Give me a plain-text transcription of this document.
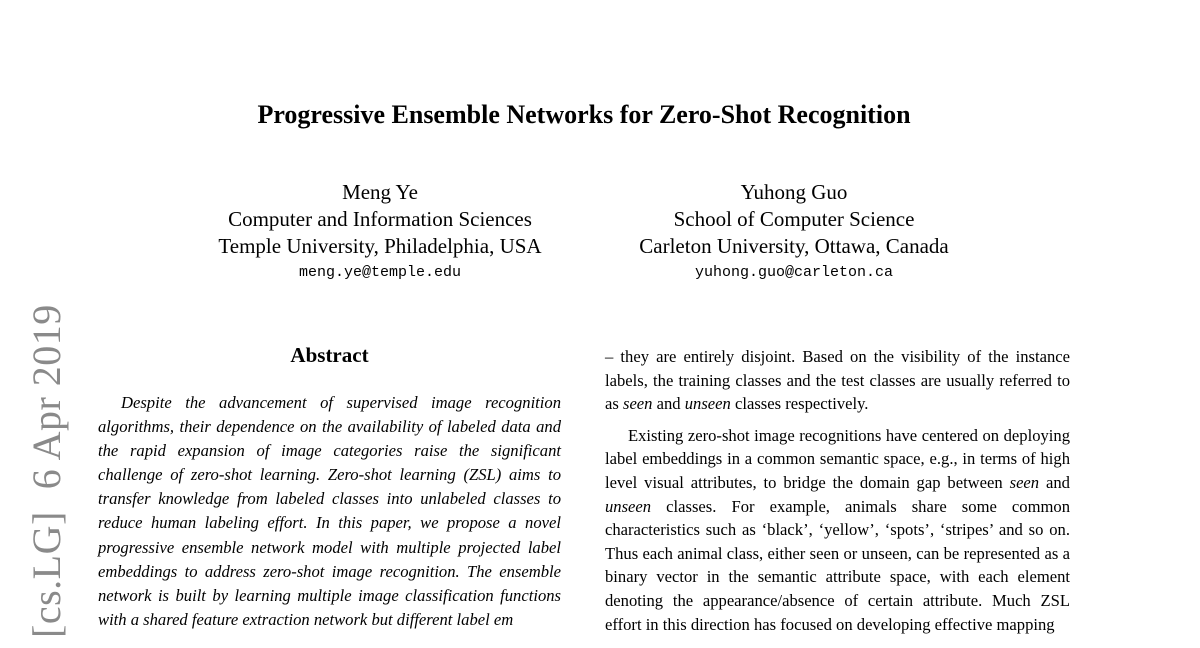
[cs.LG]6 Apr 2019
Progressive Ensemble Networks for Zero-Shot Recognition
Meng Ye
Computer and Information Sciences
Temple University, Philadelphia, USA
meng.ye@temple.edu
Yuhong Guo
School of Computer Science
Carleton University, Ottawa, Canada
yuhong.guo@carleton.ca
Abstract

Despite the advancement of supervised image recognition algorithms, their dependence on the availability of labeled data and the rapid expansion of image categories raise the significant challenge of zero-shot learning. Zero-shot learning (ZSL) aims to transfer knowledge from labeled classes into unlabeled classes to reduce human labeling effort. In this paper, we propose a novel progressive ensemble network model with multiple projected label embeddings to address zero-shot image recognition. The ensemble network is built by learning multiple image classification functions with a shared feature extraction network but different label em

– they are entirely disjoint. Based on the visibility of the instance labels, the training classes and the test classes are usually referred to as seen and unseen classes respectively.

Existing zero-shot image recognitions have centered on deploying label embeddings in a common semantic space, e.g., in terms of high level visual attributes, to bridge the domain gap between seen and unseen classes. For example, animals share some common characteristics such as ‘black’, ‘yellow’, ‘spots’, ‘stripes’ and so on. Thus each animal class, either seen or unseen, can be represented as a binary vector in the semantic attribute space, with each element denoting the appearance/absence of certain attribute. Much ZSL effort in this direction has focused on developing effective mapping
